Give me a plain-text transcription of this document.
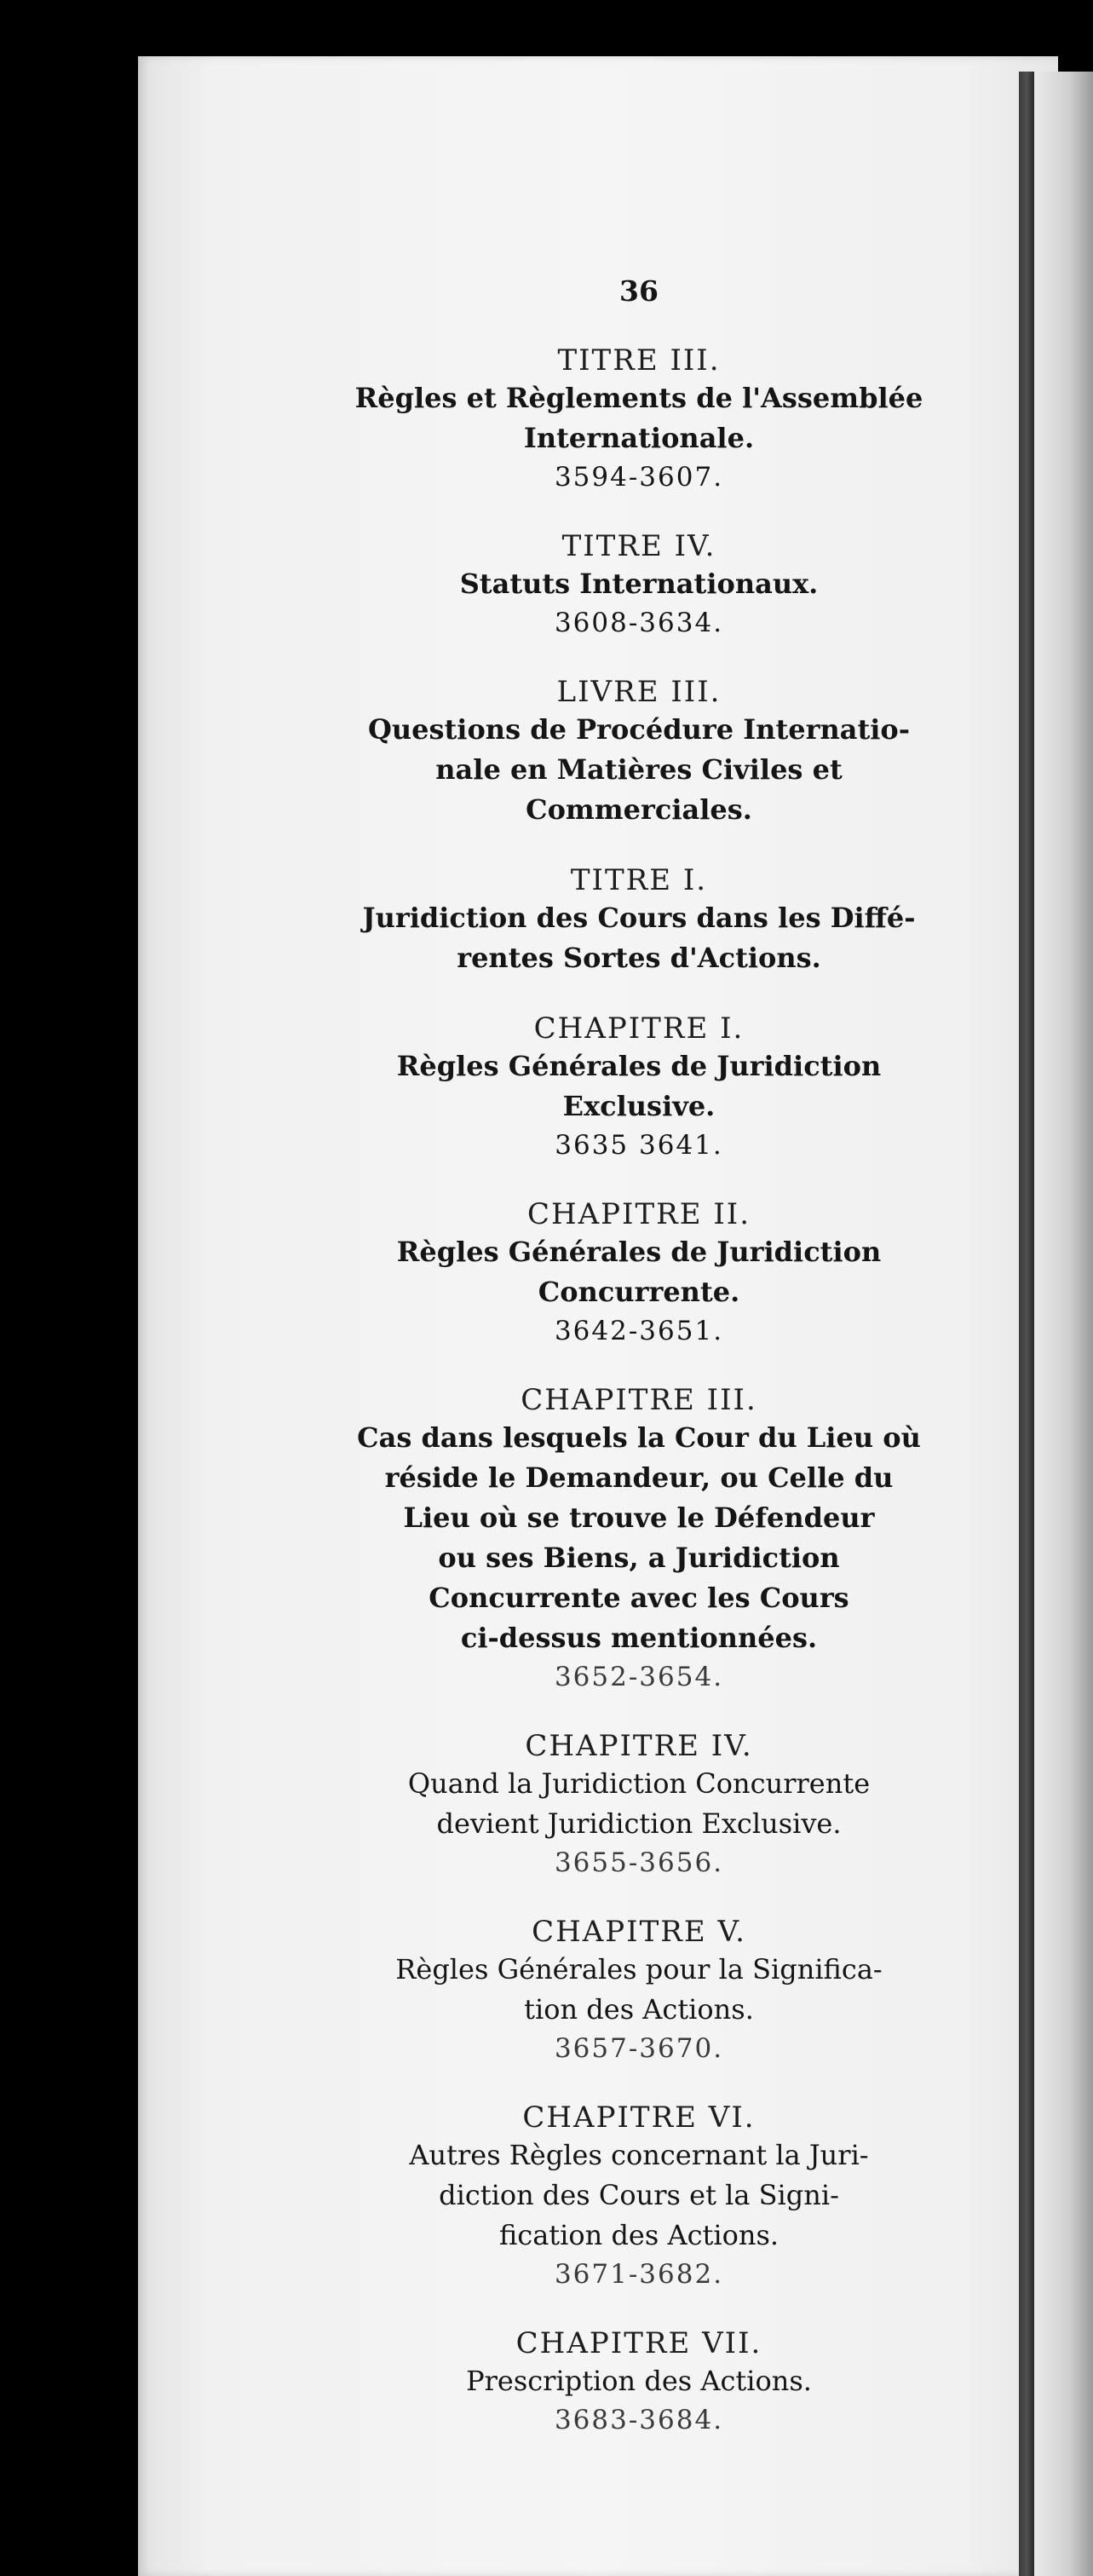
36
TITRE III.
Règles et Règlements de l'Assemblée
Internationale.
3594-3607.
TITRE IV.
Statuts Internationaux.
3608-3634.
LIVRE III.
Questions de Procédure Internatio-
nale en Matières Civiles et
Commerciales.
TITRE I.
Juridiction des Cours dans les Diffé-
rentes Sortes d'Actions.
CHAPITRE I.
Règles Générales de Juridiction
Exclusive.
3635 3641.
CHAPITRE II.
Règles Générales de Juridiction
Concurrente.
3642-3651.
CHAPITRE III.
Cas dans lesquels la Cour du Lieu où
réside le Demandeur, ou Celle du
Lieu où se trouve le Défendeur
ou ses Biens, a Juridiction
Concurrente avec les Cours
ci-dessus mentionnées.
3652-3654.
CHAPITRE IV.
Quand la Juridiction Concurrente
devient Juridiction Exclusive.
3655-3656.
CHAPITRE V.
Règles Générales pour la Significa-
tion des Actions.
3657-3670.
CHAPITRE VI.
Autres Règles concernant la Juri-
diction des Cours et la Signi-
fication des Actions.
3671-3682.
CHAPITRE VII.
Prescription des Actions.
3683-3684.
